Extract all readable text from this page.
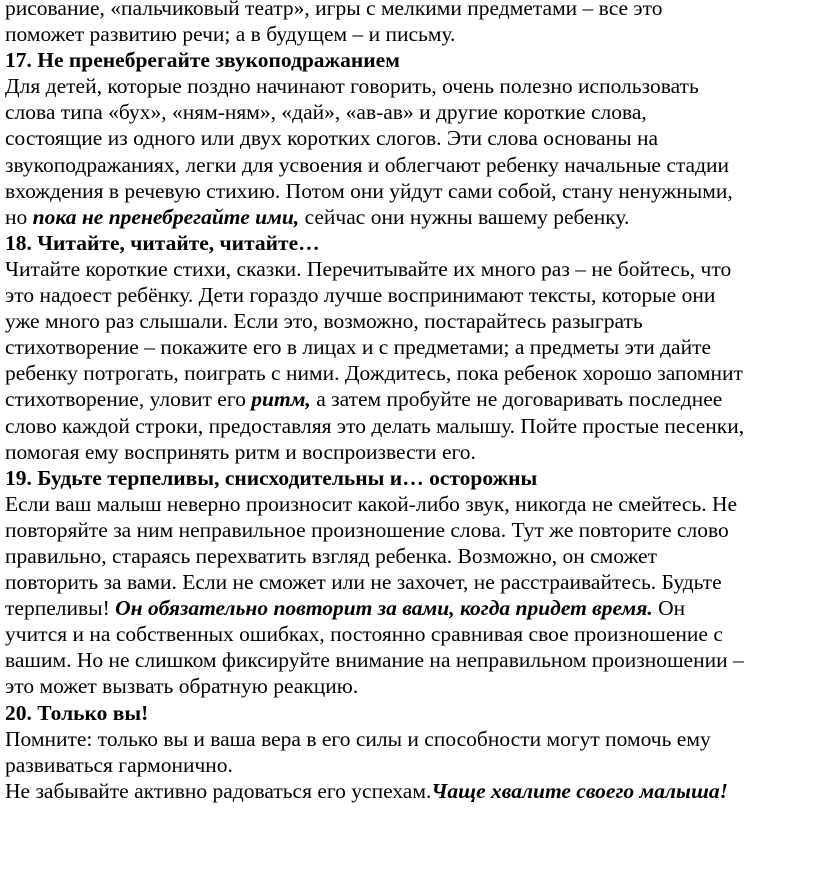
рисование, «пальчиковый театр», игры с мелкими предметами – все это
поможет развитию речи; а в будущем – и письму.
17. Не пренебрегайте звукоподражанием
Для детей, которые поздно начинают говорить, очень полезно использовать
слова типа «бух», «ням-ням», «дай», «ав-ав» и другие короткие слова,
состоящие из одного или двух коротких слогов. Эти слова основаны на
звукоподражаниях, легки для усвоения и облегчают ребенку начальные стадии
вхождения в речевую стихию. Потом они уйдут сами собой, стану ненужными,
но пока не пренебрегайте ими, сейчас они нужны вашему ребенку.
18. Читайте, читайте, читайте…
Читайте короткие стихи, сказки. Перечитывайте их много раз – не бойтесь, что
это надоест ребёнку. Дети гораздо лучше воспринимают тексты, которые они
уже много раз слышали. Если это, возможно, постарайтесь разыграть
стихотворение – покажите его в лицах и с предметами; а предметы эти дайте
ребенку потрогать, поиграть с ними. Дождитесь, пока ребенок хорошо запомнит
стихотворение, уловит его ритм, а затем пробуйте не договаривать последнее
слово каждой строки, предоставляя это делать малышу. Пойте простые песенки,
помогая ему воспринять ритм и воспроизвести его.
19. Будьте терпеливы, снисходительны и… осторожны
Если ваш малыш неверно произносит какой-либо звук, никогда не смейтесь. Не
повторяйте за ним неправильное произношение слова. Тут же повторите слово
правильно, стараясь перехватить взгляд ребенка. Возможно, он сможет
повторить за вами. Если не сможет или не захочет, не расстраивайтесь. Будьте
терпеливы! Он обязательно повторит за вами, когда придет время. Он
учится и на собственных ошибках, постоянно сравнивая свое произношение с
вашим. Но не слишком фиксируйте внимание на неправильном произношении –
это может вызвать обратную реакцию.
20. Только вы!
Помните: только вы и ваша вера в его силы и способности могут помочь ему
развиваться гармонично.
Не забывайте активно радоваться его успехам.Чаще хвалите своего малыша!
